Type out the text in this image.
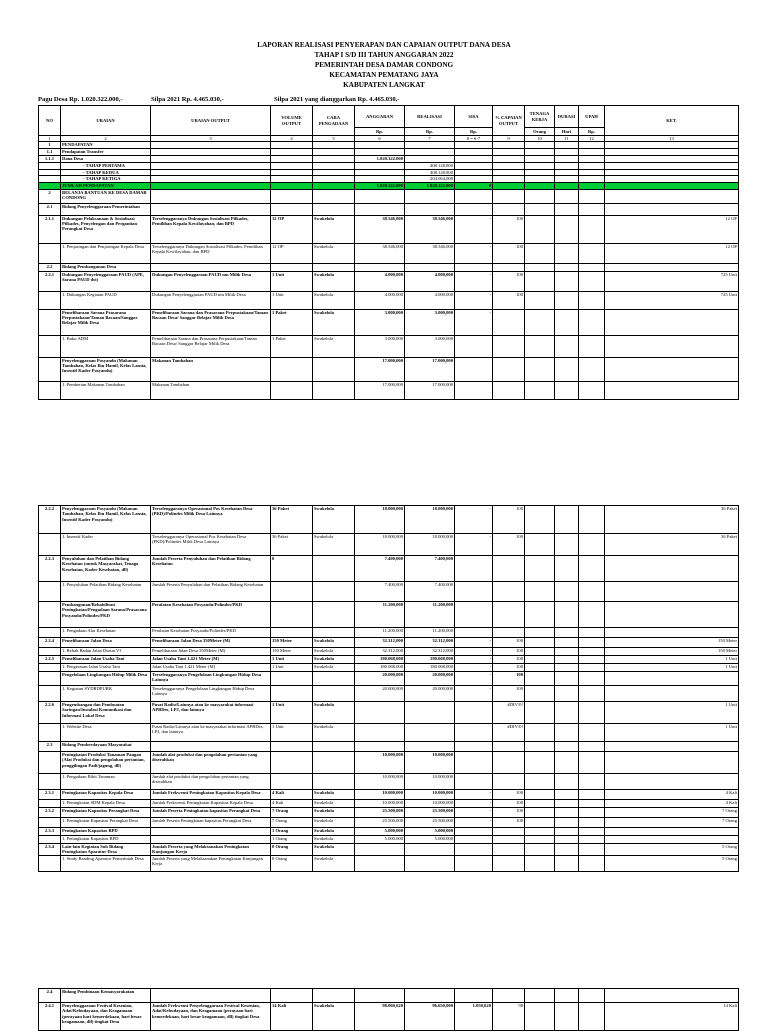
LAPORAN REALISASI PENYERAPAN DAN CAPAIAN OUTPUT DANA DESA
TAHAP I S/D III TAHUN ANGGARAN 2022
PEMERINTAH DESA DAMAR CONDONG
KECAMATAN PEMATANG JAYA
KABUPATEN LANGKAT
Pagu Desa Rp. 1.020.322.000,-	Silpa 2021 Rp. 4.465.030,-	Silpa 2021 yang dianggarkan Rp. 4.465.030,-
NO	URAIAN	URAIAN OUTPUT	VOLUME OUTPUT	CARA PENGADAAN	ANGGARAN	REALISASI	SISA	% CAPAIAN OUTPUT	TENAGA KERJA	DURASI	UPAH	KET.
					Rp.	Rp.	Rp.		Orang	Hari	Rp.	
1	2	3	4	5	6	7	8 = 6-7	9	10	11	12	13
1	PENDAPATAN											
1.1	Pendapatan Transfer											
1.1.1	Dana Desa				1.020.322.000							
	- TAHAP PERTAMA					408.128,800						
	- TAHAP KEDUA					408.128,800						
	- TAHAP KETIGA					204.064,000						
	JUMLAH PENDAPATAN				1.020.322.000	1.020.322.000	0					
2	BELANJA BANTUAN KE DESA DAMAR CONDONG											
2.1	Bidang Penyelenggaraan Pemerintahan											
2.1.1	Dukungan Pelaksanaan & Sosialisasi Pilkades, Penyelengan dan Pergantian Perangkat Desa	Terselenggaranya Dukungan Sosialisasi Pilkades, Pemilihan Kepala Kewilayahan, dan BPD	12 OP	Swakelola	38.546,000	38.546,000	-	100				12 OP
	1. Penjaringan dan Penjaringan Kepala Desa	Terselenggaranya Dukungan Sosialisasi Pilkades, Pemilihan Kepala Kewilayahan, dan BPD	12 OP	Swakelola	38.546,000	38.546,000	-	100				12 OP
2.2	Bidang Pembangunan Desa											
2.2.1	Dukungan Penyelenggaraan PAUD (APE, Sarana PAUD dst)	Dukungan Penyelenggaraan PAUD nm Milik Desa	1 Unit	Swakelola	4.000,000	4.000,000	-	100				725 Unit
	1. Dukungan Kegiatan PAUD	Dukungan Penyelenggaraan PAUD nm Milik Desa	1 Unit	Swakelola	4.000,000	4.000,000	-	100				725 Unit
	Pemeliharaan Sarana Prasarana Perpustakaan/Taman Bacaan/Sanggar Belajar Milik Desa	Pemeliharaan Sarana dan Prasarana Perpustakaan/Taman Bacaan Desa/ Sanggar Belajar Milik Desa	1 Paket	Swakelola	3.000,000	3.000,000	-					
	1. Buku ADM	Pemeliharaan Sarana dan Prasarana Perpustakaan/Taman Bacaan Desa/ Sanggar Belajar Milik Desa	1 Paket	Swakelola	3.000,000	3.000,000						
	Penyelenggaraan Posyandu (Makanan Tambahan, Kelas Ibu Hamil, Kelas Lansia, Insentif Kader Posyandu)	Makanan Tambahan			17.000,000	17.000,000						
	1. Pemberian Makanan Tambahan	Makanan Tambahan			17.000,000	17.000,000						
2.2.2	Penyelenggaraan Posyandu (Makanan Tambahan, Kelas Ibu Hamil, Kelas Lansia, Insentif Kader Posyandu)	Terselenggaranya Operasional Pos Kesehatan Desa (PKD)/Polindes Milik Desa Lainnya	36 Paket	Swakelola	18.000,000	18.000,000	-	100				36 Paket
	1. Insentif Kader	Terselenggaranya Operasional Pos Kesehatan Desa (PKD)/Polindes Milik Desa Lainnya	36 Paket	Swakelola	18.000,000	18.000,000	-	100				36 Paket
2.2.3	Penyuluhan dan Pelatihan Bidang Kesehatan (untuk Masyarakat, Tenaga Kesehatan, Kader Kesehatan, dll)	Jumlah Peserta Penyuluhan dan Pelatihan Bidang Kesehatan	0		7.400,000	7.400,000						
	1. Penyuluhan Pelatihan Bidang Kesehatan	Jumlah Peserta Penyuluhan dan Pelatihan Bidang Kesehatan			7.400,000	7.400,000						
	Pembangunan/Rehabilitasi Peningkatan/Pengadaan Sarana/Prasarana Posyandu/Polindes/PKD	Peralatan Kesehatan Posyandu/Polindes/PKD			11.200,000	11.200,000						
	1. Pengadaan Alat Kesehatan	Peralatan Kesehatan Posyandu/Polindes/PKD			11.200,000	11.200,000						
2.2.4	Pemeliharaan Jalan Desa	Pemeliharaan Jalan Desa 350Meter (M)	150 Meter	Swakelola	32.312,000	32.312,000	-	100				150 Meter
	1. Rehab Badan Jalan Dusun VI	Pemeliharaan Jalan Desa 350Meter (M)	150 Meter	Swakelola	32.312,000	32.312,000	-	100				150 Meter
2.2.5	Pemeliharaan Jalan Usaha Tani	Jalan Usaha Tani 1.421 Meter (M)	1 Unit	Swakelola	180.068,000	180.068,000	-	100				1 Unit
	1. Pengerasan Jalan Usaha Tani	Jalan Usaha Tani 1.421 Meter (M)	1 Unit	Swakelola	180.068,000	180.068,000	-	100				1 Unit
	Pengelolaan Lingkungan Hidup Milik Desa	Terselenggaranya Pengelolaan Lingkungan Hidup Desa Lainnya			20.000,000	20.000,000	-	100				
	1. Kegiatan SYDRDPURK	Terselenggaranya Pengelolaan Lingkungan Hidup Desa Lainnya			20.000,000	20.000,000	-	100				
2.2.6	Pengembangan dan Pembuatan Saringan/Instalasi Komunikasi dan Informasi Lokal Desa	Pusat Radio/Lainnya atau ke masyarakat informasi APBDes, LPJ, dan lainnya	1 Unit	Swakelola				#DIV/0!				1 Unit
	1. Website Desa	Pusat Radio/Lainnya atau ke masyarakat informasi APBDes, LPJ, dan lainnya	1 Unit	Swakelola				#DIV/0!				1 Unit
2.3	Bidang Pemberdayaan Masyarakat											
	Peningkatan Produksi Tanaman Pangan (Alat Produksi dan pengolahan pertanian, penggilingan Padi/jagung, dll)	Jumlah alat produksi dan pengolahan pertanian yang diserahkan			10.000,000	10.000,000						
	1. Pengadaan Bibit Tanaman	Jumlah alat produksi dan pengolahan pertanian yang diserahkan			10.000,000	10.000,000						
2.3.1	Peningkatan Kapasitas Kepala Desa	Jumlah Frekwensi Peningkatan Kapasitas Kepala Desa	4 Kali	Swakelola	10.000,000	10.000,000	-	100				4 Kali
	1. Peningkatan SDM Kepala Desa	Jumlah Frekwensi Peningkatan Kapasitas Kepala Desa	4 Kali	Swakelola	10.000,000	10.000,000	-	100				4 Kali
2.3.2	Peningkatan Kapasitas Perangkat Desa	Jumlah Peserta Peningkatan kapasitas Perangkat Desa	7 Orang	Swakelola	25.500,000	25.500,000	-	100				7 Orang
	1. Peningkatan Kapasitas Perangkat Desa	Jumlah Peserta Peningkatan kapasitas Perangkat Desa	7 Orang	Swakelola	25.500,000	25.500,000	-	100				7 Orang
2.3.3	Peningkatan Kapasitas BPD		1 Orang	Swakelola	5.000,000	5.000,000						
	1. Peningkatan Kapasitas BPD		1 Orang	Swakelola	5.000,000	5.000,000						
2.3.4	Lain-lain Kegiatan Sub Bidang Peningkatan Aparatur Desa	Jumlah Peserta yang Melaksanakan Peningkatan Kunjungan Kerja	0 Orang	Swakelola								5 Orang
	1. Study Banding Aparatur Pemerintah Desa	Jumlah Peserta yang Melaksanakan Peningkatan Kunjungan Kerja	0 Orang	Swakelola								5 Orang
2.4	Bidang Pembinaan Kemasyarakatan											
2.4.1	Penyelenggaraan Festival Kesenian, Adat/Kebudayaan, dan Keagamaan (perayaan hari kemerdekaan, hari besar keagamaan, dll) tingkat Desa	Jumlah Frekwensi Penyelenggaraan Festival Kesenian, Adat/Kebudayaan, dan Keagamaan (perayaan hari kemerdekaan, hari besar keagamaan, dll) tingkat Desa	14 Kali	Swakelola	98.060,620	96.650,000	1.050,620	98				14 Kali
